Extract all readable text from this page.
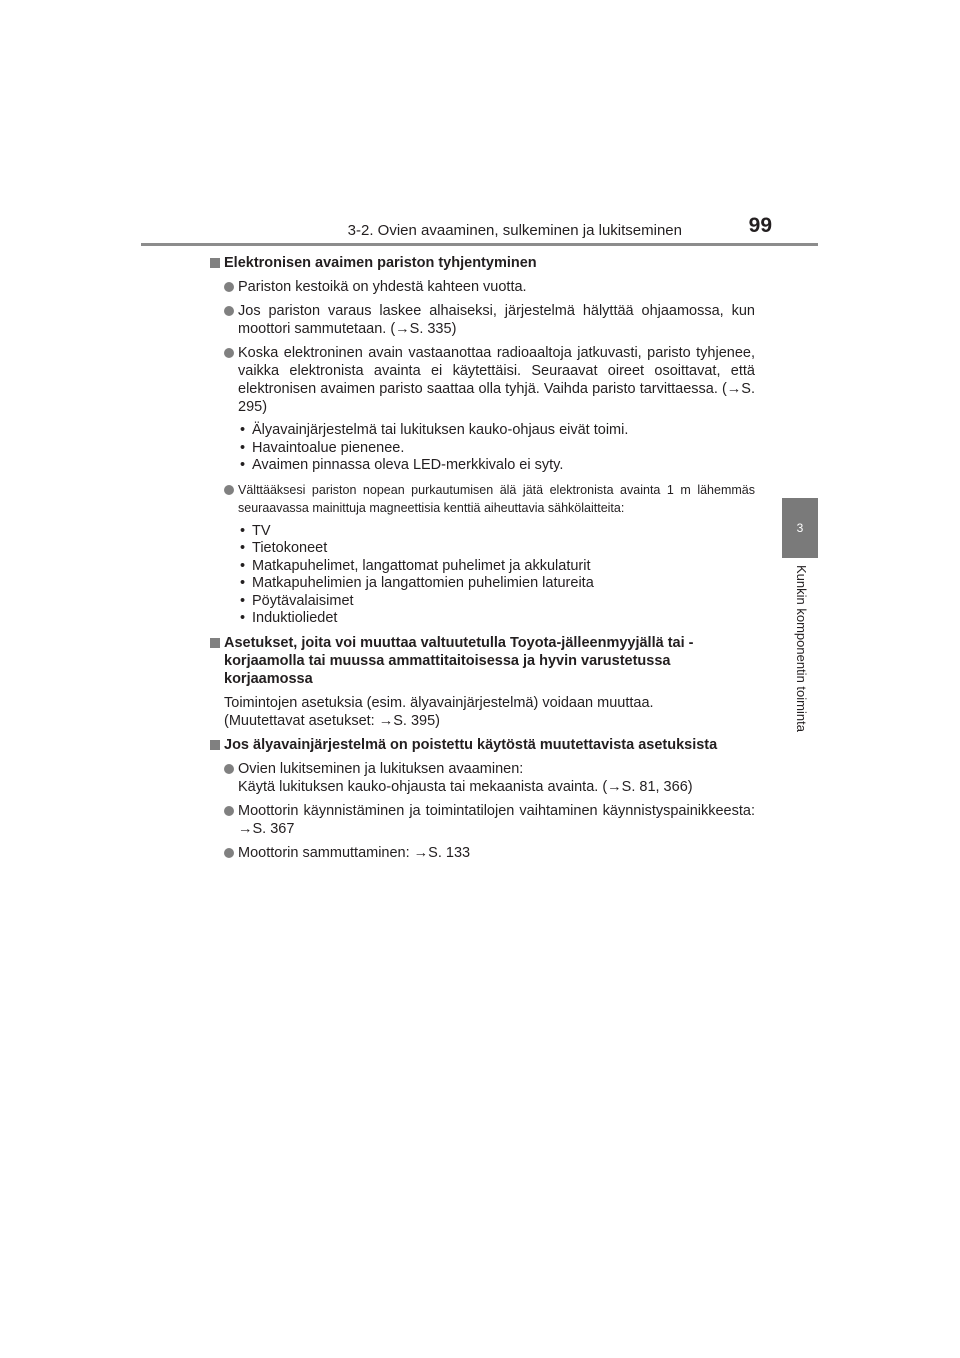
3-2. Ovien avaaminen, sulkeminen ja lukitseminen	99
3
Kunkin komponentin toiminta
Elektronisen avaimen pariston tyhjentyminen
Pariston kestoikä on yhdestä kahteen vuotta.
Jos pariston varaus laskee alhaiseksi, järjestelmä hälyttää ohjaamossa, kun moottori sammutetaan. (→S. 335)
Koska elektroninen avain vastaanottaa radioaaltoja jatkuvasti, paristo tyhjenee, vaikka elektronista avainta ei käytettäisi. Seuraavat oireet osoittavat, että elektronisen avaimen paristo saattaa olla tyhjä. Vaihda paristo tarvittaessa. (→S. 295)
• Älyavainjärjestelmä tai lukituksen kauko-ohjaus eivät toimi.
• Havaintoalue pienenee.
• Avaimen pinnassa oleva LED-merkkivalo ei syty.
Välttääksesi pariston nopean purkautumisen älä jätä elektronista avainta 1 m lähemmäs seuraavassa mainittuja magneettisia kenttiä aiheuttavia sähkölaitteita:
• TV
• Tietokoneet
• Matkapuhelimet, langattomat puhelimet ja akkulaturit
• Matkapuhelimien ja langattomien puhelimien latureita
• Pöytävalaisimet
• Induktioliedet
Asetukset, joita voi muuttaa valtuutetulla Toyota-jälleenmyyjällä tai -korjaamolla tai muussa ammattitaitoisessa ja hyvin varustetussa korjaamossa
Toimintojen asetuksia (esim. älyavainjärjestelmä) voidaan muuttaa.
(Muutettavat asetukset: →S. 395)
Jos älyavainjärjestelmä on poistettu käytöstä muutettavista asetuksista
Ovien lukitseminen ja lukituksen avaaminen:
Käytä lukituksen kauko-ohjausta tai mekaanista avainta. (→S. 81, 366)
Moottorin käynnistäminen ja toimintatilojen vaihtaminen käynnistyspainikkeesta: →S. 367
Moottorin sammuttaminen: →S. 133
